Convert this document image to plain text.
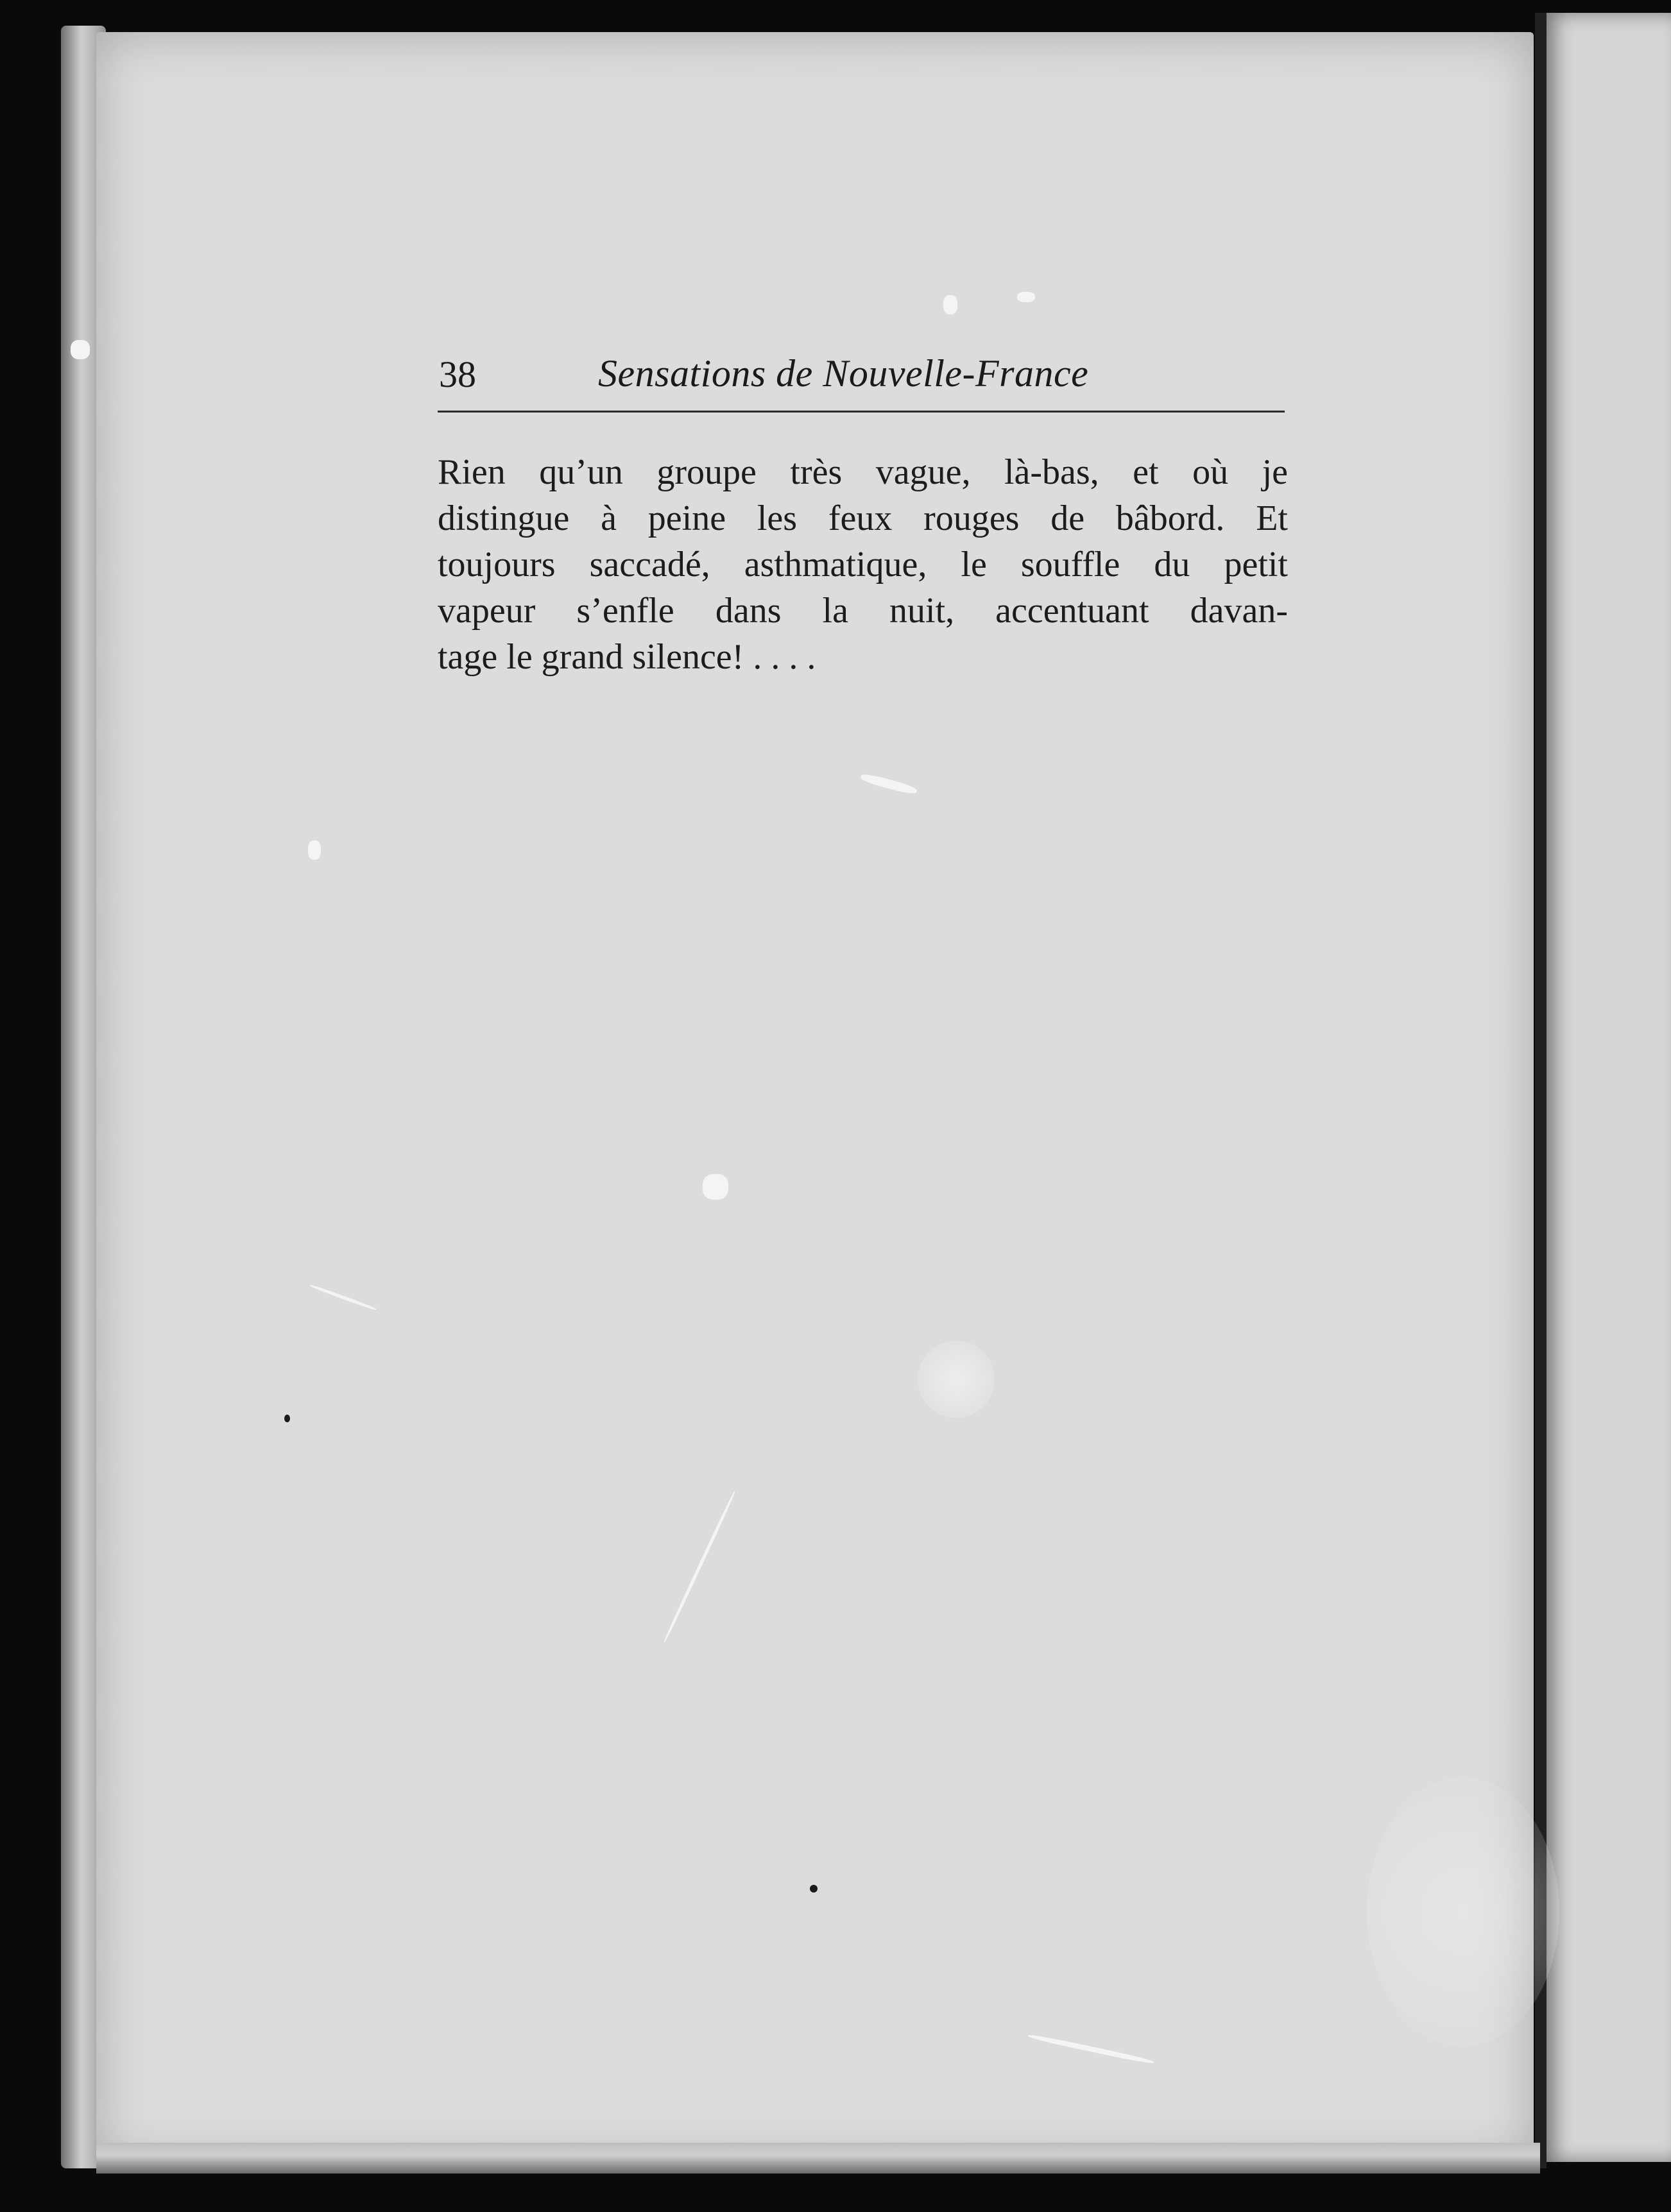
38	Sensations de Nouvelle-France
Rien qu’un groupe très vague, là-bas, et où je
distingue à peine les feux rouges de bâbord. Et
toujours saccadé, asthmatique, le souffle du petit
vapeur s’enfle dans la nuit, accentuant davan-
tage le grand silence! . . . .
